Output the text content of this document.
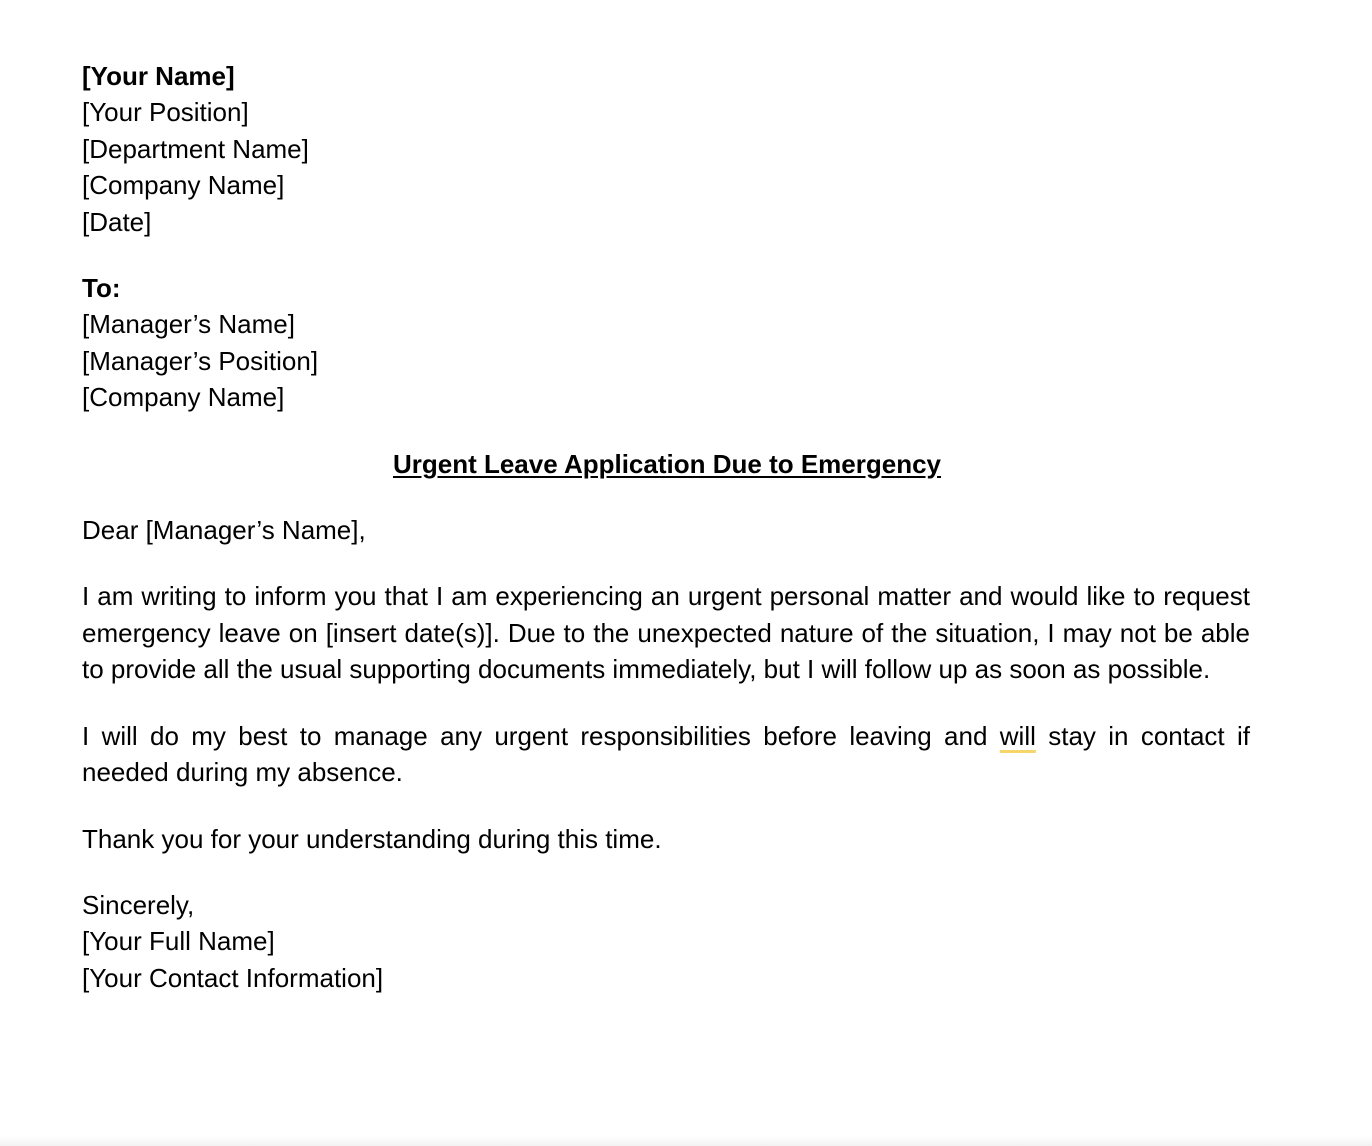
[Your Name]
[Your Position]
[Department Name]
[Company Name]
[Date]
To:
[Manager’s Name]
[Manager’s Position]
[Company Name]
Urgent Leave Application Due to Emergency

Dear [Manager’s Name],

I am writing to inform you that I am experiencing an urgent personal matter and would like to request emergency leave on [insert date(s)]. Due to the unexpected nature of the situation, I may not be able to provide all the usual supporting documents immediately, but I will follow up as soon as possible.

I will do my best to manage any urgent responsibilities before leaving and will stay in contact if needed during my absence.

Thank you for your understanding during this time.

Sincerely,
[Your Full Name]
[Your Contact Information]
